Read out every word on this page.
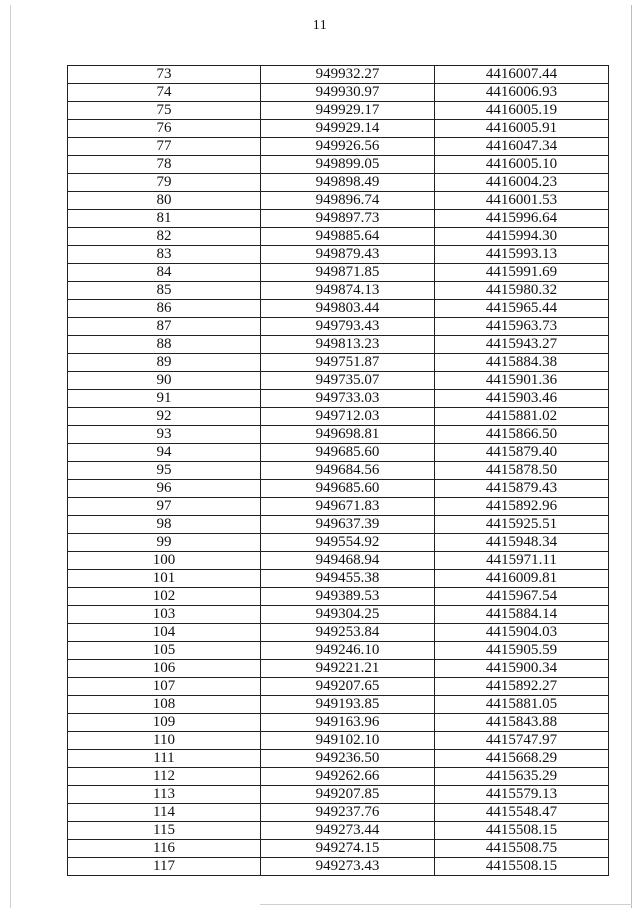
11
73	949932.27	4416007.44
74	949930.97	4416006.93
75	949929.17	4416005.19
76	949929.14	4416005.91
77	949926.56	4416047.34
78	949899.05	4416005.10
79	949898.49	4416004.23
80	949896.74	4416001.53
81	949897.73	4415996.64
82	949885.64	4415994.30
83	949879.43	4415993.13
84	949871.85	4415991.69
85	949874.13	4415980.32
86	949803.44	4415965.44
87	949793.43	4415963.73
88	949813.23	4415943.27
89	949751.87	4415884.38
90	949735.07	4415901.36
91	949733.03	4415903.46
92	949712.03	4415881.02
93	949698.81	4415866.50
94	949685.60	4415879.40
95	949684.56	4415878.50
96	949685.60	4415879.43
97	949671.83	4415892.96
98	949637.39	4415925.51
99	949554.92	4415948.34
100	949468.94	4415971.11
101	949455.38	4416009.81
102	949389.53	4415967.54
103	949304.25	4415884.14
104	949253.84	4415904.03
105	949246.10	4415905.59
106	949221.21	4415900.34
107	949207.65	4415892.27
108	949193.85	4415881.05
109	949163.96	4415843.88
110	949102.10	4415747.97
111	949236.50	4415668.29
112	949262.66	4415635.29
113	949207.85	4415579.13
114	949237.76	4415548.47
115	949273.44	4415508.15
116	949274.15	4415508.75
117	949273.43	4415508.15
